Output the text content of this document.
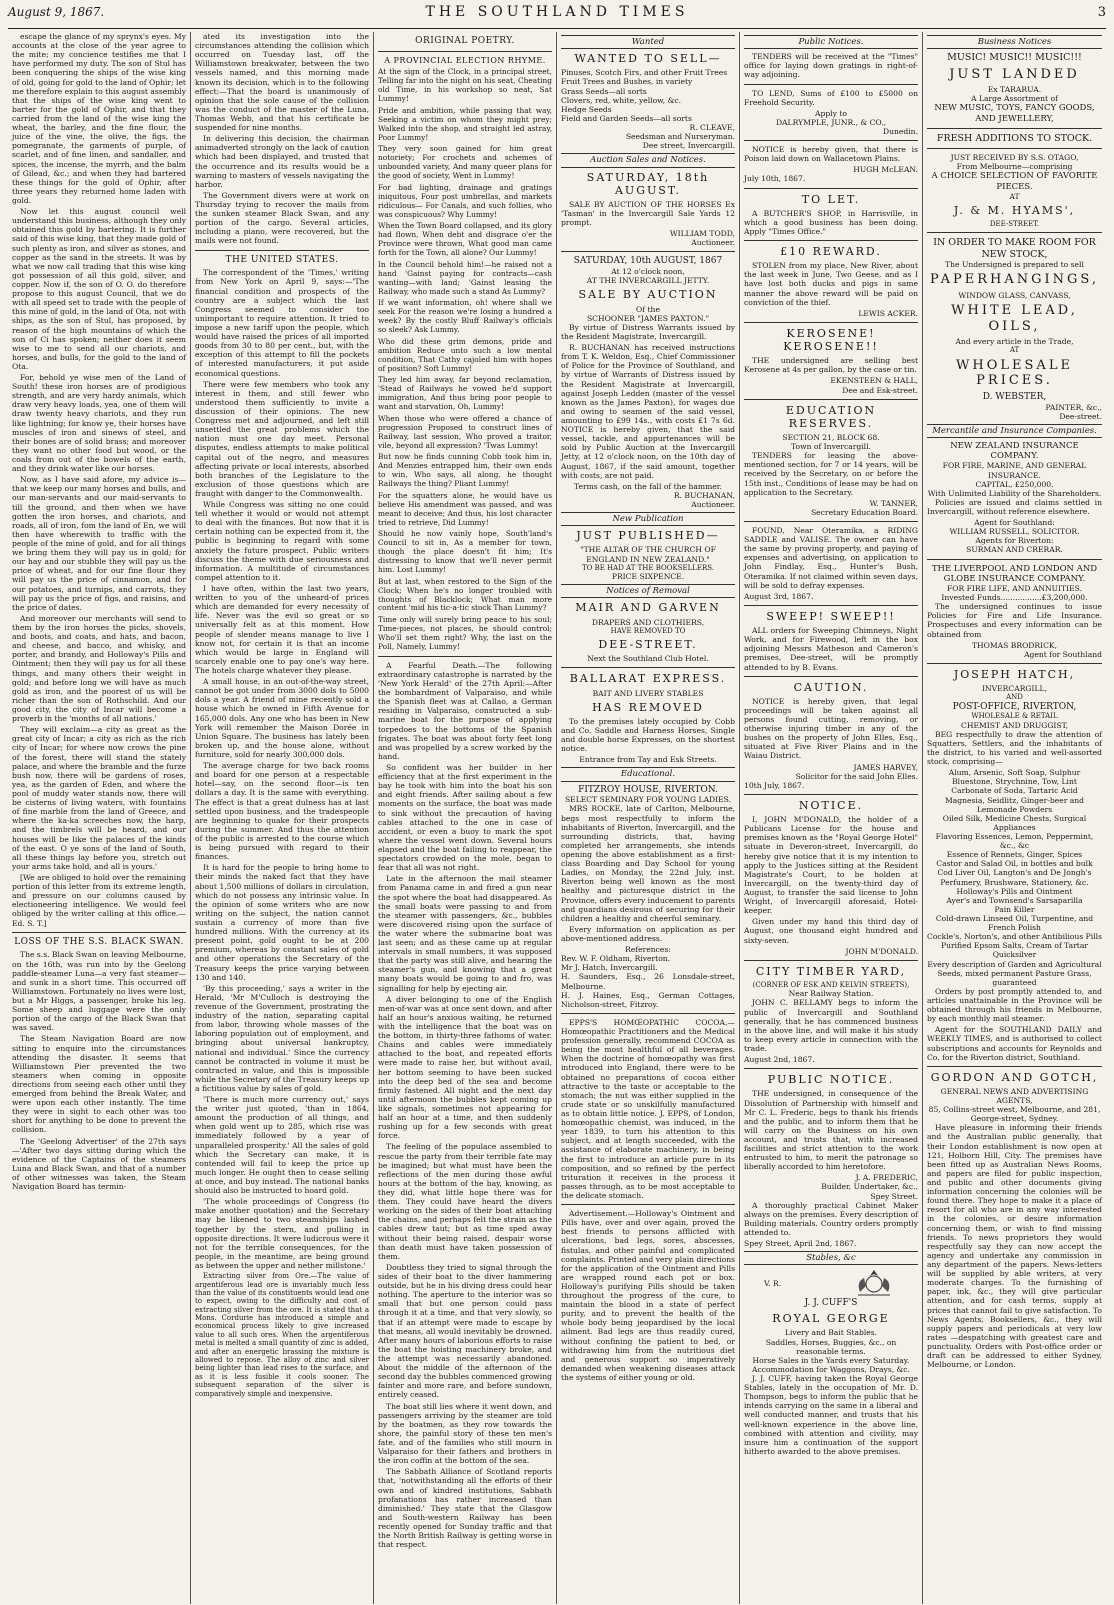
August 9, 1867.	THE SOUTHLAND TIMES	3

escape the glance of my sprynx's eyes. My accounts at the close of the year agree to the mite; my concience testifies me that I have performed my duty. The son of Stul has been conquering the ships of the wise king of old, going for gold to the land of Ophir; let me therefore explain to this august assembly that the ships of the wise king went to barter for the gold of Ophir, and that they carried from the land of the wise king the wheat, the barley, and the fine flour, the juice of the vine, the olive, the figs, the pomegranate, the garments of purple, of scarlet, and of fine linen, and sandaller, and spices, the incense, the myrrh, and the balm of Gilead, &c.; and when they had bartered these things for the gold of Ophir, after three years they returned home laden with gold.

Now let this august council well understand this business, although they only obtained this gold by bartering. It is further said of this wise king, that they made gold of such plenty as iron, and silver as stones, and copper as the sand in the streets. It was by what we now call trading that this wise king got possession of all this gold, silver, and copper. Now if, the son of O. O. do therefore propose to this august Council, that we do with all speed set to trade with the people of this mine of gold, in the land of Ota, not with ships, as the son of Stul, has proposed, by reason of the high mountains of which the son of Ci has spoken; neither does it seem wise to me to send all our chariots, and horses, and bulls, for the gold to the land of Ota.

For, behold ye wise men of the Land of South! these iron horses are of prodigious strength, and are very hardy animals, which draw very heavy loads, yea, one of them will draw twenty heavy chariots, and they run like lightning; for know ye, their horses have muscles of iron and sinews of steel, and their bones are of solid brass; and moreover they want no other food but wood, or the coals from out of the bowels of the earth, and they drink water like our horses.

Now, as I have said afore, my advice is—that we keep our many horses and bulls, and our man-servants and our maid-servants to till the ground, and then when we have gotten the iron horses, and chariots, and roads, all of iron, fom the land of En, we will then have wherewith to traffic with the people of the mine of gold, and for all things we bring them they will pay us in gold; for our hay and our stubble they will pay us the price of wheat, and for our fine flour they will pay us the price of cinnamon, and for our potatoes, and turnips, and carrots, they will pay us the price of figs, and raisins, and the price of dates.

And moreover our merchants will send to them by the iron horses the picks, shovels, and boots, and coats, and hats, and bacon, and cheese, and bacco, and whisky, and porter, and brandy, and Holloway's Pills and Ointment; then they will pay us for all these things, and many others their weight in gold; and before long we will have as much gold as iron, and the poorest of us will be richer than the son of Rothschild. And our good city, the city of Incar will become a proverb in the 'months of all nations.'

They will exclaim—a city as great as the great city of Incar; a city as rich as the rich city of Incar; for where now crows the pine of the forest, there will stand the stately palace, and where the bramble and the furze bush now, there will be gardens of roses, yea, as the garden of Eden, and where the pool of muddy water stands now, there will be cisterns of living waters, with fountains of fine marble from the land of Greece, and where the ka-ka screeches now, the harp, and the timbrels will be heard, and our houses will be like the palaces of the kinds of the east. O ye sons of the land of South, all these things lay before you, stretch out your arms take hold, and all is yours.'

[We are obliged to hold over the remaining portion of this letter from its extreme length, and pressure on our columns caused by electioneering intelligence. We would feel obliged by the writer calling at this office.—Ed. S. T.]

LOSS OF THE S.S. BLACK SWAN.

The s.s. Black Swan on leaving Melbourne, on the 16th, was run into by the Geelong paddle-steamer Luna—a very fast steamer—and sunk in a short time. This occurred off Williamstown. Fortunately no lives were lost, but a Mr Higgs, a passenger, broke his leg. Some sheep and luggage were the only portion of the cargo of the Black Swan that was saved.

The Steam Navigation Board are now sitting to enquire into the circumstances attending the disaster. It seems that Williamstown Pier prevented the two steamers when coming in opposite directions from seeing each other until they emerged from behind the Break Water, and were upon each other instantly. The time they were in sight to each other was too short for anything to be done to prevent the collision.

The 'Geelong Advertiser' of the 27th says—'After two days sitting during which the evidence of the Captains of the steamers Luna and Black Swan, and that of a number of other witnesses was taken, the Steam Navigation Board has termin-

ated its investigation into the circumstances attending the collision which occurred on Tuesday last, off the Williamstown breakwater, between the two vessels named, and this morning made known its decision, which is to the following effect:—That the board is unanimously of opinion that the sole cause of the collision was the conduct of the master of the Luna, Thomas Webb, and that his certificate be suspended for nine months.

In delivering this decision, the chairman animadverted strongly on the lack of caution which had been displayed, and trusted that the occurrence and its results would be a warning to masters of vessels navigating the harbor.

The Government divers were at work on Thursday trying to recover the mails from the sunken steamer Black Swan, and any portion of the cargo. Several articles, including a piano, were recovered, but the mails were not found.

THE UNITED STATES.

The correspondent of the 'Times,' writing from New York on April 9, says:—'The financial condition and prospects of the country are a subject which the last Congress seemed to consider too unimportant to require attention. It tried to impose a new tariff upon the people, which would have raised the prices of all imported goods from 30 to 80 per cent., but, with the exception of this attempt to fill the pockets of interested manufacturers, it put aside economical questions.

There were few members who took any interest in them, and still fewer who understood them sufficiently to invite a discussion of their opinions. The new Congress met and adjourned, and left still unsettled the great problems which the nation must one day meet. Personal disputes, endless attempts to make political capital out of the negro, and measures affecting private or local interests, absorbed both branches of the Legislature to the exclusion of those questions which are fraught with danger to the Commonwealth.

While Congress was sitting no one could tell whether it would or would not attempt to deal with the finances. But now that it is certain nothing can be expected from it, the public is beginning to regard with some anxiety the future prospect. Public writers discuss the theme with due seriousness and information. A multitude of circumstances compel attention to it.

I have often, within the last two years, written to you of the unheard-of prices which are demanded for every necessity of life. Never was the evil so great or so universally felt as at this moment. How people of slender means manage to live I know not, for certain it is that an income which would be large in England will scarcely enable one to pay one's way here. The hotels charge whatever they please.

A small house, in an out-of-the-way street, cannot be got under from 3000 dols to 5000 dols a year. A friend of mine recently sold a house which he owned in Fifth Avenue for 165,000 dols. Any one who has been in New York will remember the Maison Dorée in Union Square. The business has lately been broken up, and the house alone, without furniture, sold for nearly 300,000 dols.

The average charge for two back rooms and board for one person at a respectable hotel—say, on the second floor—is ten dollars a day. It is the same with everything. The effect is that a great dulness has at last settled upon business, and the tradespeople are beginning to quake for their prospects during the summer. And thus the attention of the public is arrested to the course which is being pursued with regard to their finances.

It is hard for the people to bring home to their minds the naked fact that they have about 1,500 millions of dollars in circulation, which do not possess any intrinsic value. In the opinion of some writers who are now writing on the subject, the nation cannot sustain a currency of more than five hundred millions. With the currency at its present point, gold ought to be at 200 premium, whereas by constant sales of gold and other operations the Secretary of the Treasury keeps the price varying between 130 and 140.

'By this proceeding,' says a writer in the Herald, 'Mr M'Culloch is destroying the revenue of the Government, prostrating the industry of the nation, separating capital from labor, throwing whole masses of the laboring population out of employment, and bringing about universal bankruptcy, national and individual.' Since the currency cannot be contracted in volume it must be contracted in value, and this is impossible while the Secretary of the Treasury keeps up a fictitious value by sales of gold.

'There is much more currency out,' says the writer just quoted, 'than in 1864, amount the production of all things, and when gold went up to 285, which rise was immediately followed by a year of unparalleled prosperity.' All the sales of gold which the Secretary can make, it is contended will fail to keep the price up much longer. He ought then to cease selling at once, and buy instead. The national banks should also be instructed to hoard gold.

'The whole proceedings of Congress (to make another quotation) and the Secretary may be likened to two steamships lashed together by the stern, and pulling in opposite directions. It were ludicrous were it not for the terrible consequences, for the people, in the meantime, are being ground as between the upper and nether millstone.'

Extracting silver from Ore.—The value of argentiferous lead ore is invariably much less than the value of its constituents would lead one to expect, owing to the difficulty and cost of extracting silver from the ore. It is stated that a Mons. Cordurie has introduced a simple and economical process likely to give increased value to all such ores. When the argentiferous metal is melted a small quantity of zinc is added, and after an energetic brassing the mixture is allowed to repose. The alloy of zinc and silver being lighter than lead rises to the surface, and as it is less fusible it cools sooner. The subsequent separation of the silver is comparatively simple and inexpensive.

ORIGINAL POETRY.
A PROVINCIAL ELECTION RHYME.

At the sign of the Clock, in a principal street, Telling far into the night on his seat, Cheating old Time, in his workshop so neat, Sat Lummy!

Pride and ambition, while passing that way, Seeking a victim on whom they might prey; Walked into the shop, and straight led astray, Poor Lummy!

They very soon gained for him great notoriety; For crochets and schemes of unbounded variety, And many queer plans for the good of society, Went in Lummy!

For bad lighting, drainage and gratings iniquitous, Four post umbrellas, and markets ridiculous— For Canals, and such follies, who was conspicuous? Why Lummy!

When the Town Board collapsed, and its glory had flown, When debt and disgrace o'er the Province were thrown, What good man came forth for the Town, all alone? Our Lummy!

In the Council behold him!—he raised not a hand 'Gainst paying for contracts—cash wanting—with land; 'Gainst leasing the Railway, who made such a stand As Lummy?

If we want information, oh! where shall we seek For the reason we're losing a hundred a week? By the costly Bluff Railway's officials so sleek? Ask Lummy.

Who did these grim demons, pride and ambition Reduce unto such a low mental condition, That Cathy cajoled him with hopes of position? Soft Lummy!

They led him away, far beyond reclamation, 'Stead of Railways he vowed he'd support immigration, And thus bring poor people to want and starvation, Oh, Lummy!

When those who were offered a chance of progression Proposed to construct lines of Railway, last session, Who proved a traitor, vile, beyond all expression? 'Twas Lummy!

But now he finds cunning Cobb took him in, And Menzies entrapped him, their own ends to win, Who says, all along, he thought Railways the thing? Pliant Lummy!

For the squatters alone, he would have us believe His amendment was passed, and was meant to deceive; And thus, his lost character tried to retrieve, Did Lummy!

Should he now vainly hope, South'land's Council to sit in, As a member for town, though the place doesn't fit him; It's distressing to know that we'll never permit him. Lost Lummy!

But at last, when restored to the Sign of the Clock; When he's no longer troubled with thoughts of Blacklock; What man more content 'mid his tic-a-tic stock Than Lummy?

Time only will surely bring peace to his soul; Time-pieces, not places, he should control; Who'll set them right? Why, the last on the Poll, Namely, Lummy!

A Fearful Death.—The following extraordinary catastrophe is narrated by the 'New York Herald' of the 27th April:—After the bombardment of Valparaiso, and while the Spanish fleet was at Callao, a German residing in Valparaiso, constructed a sub-marine boat for the purpose of applying torpedoes to the bottoms of the Spanish frigates. The boat was about forty feet long and was propelled by a screw worked by the hand.

So confident was her builder in her efficiency that at the first experiment in the bay he took with him into the boat his son and eight friends. After sailing about a few moments on the surface, the boat was made to sink without the precaution of having cables attached to the one in case of accident, or even a buoy to mark the spot where the vessel went down. Several hours elapsed and the boat failing to reappear, the spectators crowded on the mole, began to fear that all was not right.

Late in the afternoon the mail steamer from Panama came in and fired a gun near the spot where the boat had disappeared. As the small boats were passing to and from the steamer with passengers, &c., bubbles were discovered rising upon the surface of the water where the submarine boat was last seen; and as these came up at regular intervals in small numbers, it was supposed that the party was still alive, and hearing the steamer's gun, and knowing that a great many boats would be going to and fro, was signalling for help by ejecting air.

A diver belonging to one of the English men-of-war was at once sent down, and after half an hour's anxious waiting, he returned with the intelligence that the boat was on the bottom, in thirty-three fathoms of water. Chains and cables were immediately attached to the boat, and repeated efforts were made to raise her, but without avail, her bottom seeming to have been sucked into the deep bed of the sea and become firmly fastened. All night and the next day until afternoon the bubbles kept coming up like signals, sometimes not appearing for half an hour at a time, and then suddenly rushing up for a few seconds with great force.

The feeling of the populace assembled to rescue the party from their terrible fate may be imagined; but what must have been the reflections of the men during those awful hours at the bottom of the bay, knowing, as they did, what little hope there was for them. They could have heard the divers working on the sides of their boat attaching the chains, and perhaps felt the strain as the cables drew taut; but as time sped away without their being raised, despair worse than death must have taken possession of them.

Doubtless they tried to signal through the sides of their boat to the diver hammering outside, but he in his diving dress could hear nothing. The aperture to the interior was so small that but one person could pass through it at a time, and that very slowly, so that if an attempt were made to escape by that means, all would inevitably be drowned. After many hours of laborious efforts to raise the boat the hoisting machinery broke, and the attempt was necessarily abandoned. About the middle of the afternoon of the second day the bubbles commenced growing fainter and more rare, and before sundown, entirely ceased.

The boat still lies where it went down, and passengers arriving by the steamer are told by the boatmen, as they row towards the shore, the painful story of these ten men's fate, and of the families who still mourn in Valparaiso for their fathers and brothers in the iron coffin at the bottom of the sea.

The Sabbath Alliance of Scotland reports that, 'notwithstanding all the efforts of their own and of kindred institutions, Sabbath profanations has rather increased than diminished.' They state that the Glasgow and South-western Railway has been recently opened for Sunday traffic and that the North British Railway is getting worse in that respect.

Wanted
WANTED TO SELL—
Pinuses, Scotch Firs, and other Fruit Trees
Fruit Trees and Bushes, in variety
Grass Seeds—all sorts
Clovers, red, white, yellow, &c.
Hedge Seeds
Field and Garden Seeds—all sorts
R. CLEAVE,
Seedsman and Nurseryman.
Dee street, Invercargill.
Auction Sales and Notices.
SATURDAY, 18th AUGUST.

SALE BY AUCTION OF THE HORSES Ex 'Tasman' in the Invercargill Sale Yards 12 prompt.

WILLIAM TODD,
Auctioneer.
SATURDAY, 10th AUGUST, 1867
At 12 o'clock noon,
AT THE INVERCARGILL JETTY.
SALE BY AUCTION
Of the
SCHOONER "JAMES PAXTON."

By virtue of Distress Warrants issued by the Resident Magistrate, Invercargill.

R. BUCHANAN has received instructions from T. K. Weldon, Esq., Chief Commissioner of Police for the Province of Southland, and by virtue of Warrants of Distress issued by the Resident Magistrate at Invercargill, against Joseph Ledden (master of the vessel known as the James Paxton), for wages due and owing to seamen of the said vessel, amounting to £99 14s., with costs £1 7s 6d. NOTICE is hereby given, that the said vessel, tackle, and appurtenances will be sold by Public Auction at the Invercargill Jetty, at 12 o'clock noon, on the 10th day of August, 1867, if the said amount, together with costs, are not paid.

Terms cash, on the fall of the hammer.
R. BUCHANAN,
Auctioneer.
New Publication
JUST PUBLISHED—
"THE ALTAR OF THE CHURCH OF ENGLAND IN NEW ZEALAND."
TO BE HAD AT THE BOOKSELLERS.
PRICE SIXPENCE.
Notices of Removal
MAIR AND GARVEN
DRAPERS AND CLOTHIERS,
HAVE REMOVED TO
DEE-STREET.
Next the Southland Club Hotel.
BALLARAT EXPRESS.
BAIT AND LIVERY STABLES
HAS REMOVED

To the premises lately occupied by Cobb and Co. Saddle and Harness Horses, Single and double horse Expresses, on the shortest notice.

Entrance from Tay and Esk Streets.
Educational.
FITZROY HOUSE, RIVERTON.
SELECT SEMINARY FOR YOUNG LADIES.

MRS ROCKE, late of Carlton, Melbourne, begs most respectfully to inform the inhabitants of Riverton, Invercargill, and the surrounding districts, that, having completed her arrangements, she intends opening the above establishment as a first-class Boarding and Day School for young Ladies, on Monday, the 22nd July, inst. Riverton being well known as the most healthy and picturesque district in the Province, offers every inducement to parents and guardians desirous of securing for their children a healthy and cheerful seminary.

Every information on application as per above-mentioned address.

References:
Rev. W. F. Oldham, Riverton.
Mr J. Hatch, Invercargill.
H. Saunders, Esq., 26 Lonsdale-street, Melbourne.
H. J. Haines, Esq., German Cottages, Nicholson-street, Fitzroy.

EPPS'S HOMŒOPATHIC COCOA.—Homœopathic Practitioners and the Medical profession generally, recommend COCOA as being the most healthful of all beverages. When the doctrine of homœopathy was first introduced into England, there were to be obtained no preparations of cocoa either attractive to the taste or acceptable to the stomach; the nut was either supplied in the crude state or so unskilfully manufactured as to obtain little notice. J. EPPS, of London, homœopathic chemist, was induced, in the year 1839, to turn his attention to this subject, and at length succeeded, with the assistance of elaborate machinery, in being the first to introduce an article pure in its composition, and so refined by the perfect trituration it receives in the process it passes through, as to be most acceptable to the delicate stomach.

Advertisement.—Holloway's Ointment and Pills have, over and over again, proved the best friends to persons afflicted with ulcerations, bad legs, sores, abscesses, fistulas, and other painful and complicated complaints. Printed and very plain directions for the application of the Ointment and Pills are wrapped round each pot or box. Holloway's purifying Pills should be taken throughout the progress of the cure, to maintain the blood in a state of perfect purity, and to prevent the health of the whole body being jeopardised by the local ailment. Bad legs are thus readily cured, without confining the patient to bed, or withdrawing him from the nutritious diet and generous support so imperatively demanded when weakening diseases attack the systems of either young or old.

Public Notices.

TENDERS will be received at the "Times" office for laying down gratings in right-of-way adjoining.

TO LEND, Sums of £100 to £5000 on Freehold Security.

Apply to
DALRYMPLE, JUNR., & CO.,
Dunedin.

NOTICE is hereby given, that there is Poison laid down on Wallacetown Plains.

HUGH McLEAN.
July 10th, 1867.
TO LET.

A BUTCHER'S SHOP, in Harrisville, in which a good business has been doing. Apply "Times Office."

£10 REWARD.

STOLEN from my place, New River, about the last week in June, Two Geese, and as I have lost both ducks and pigs in same manner the above reward will be paid on conviction of the thief.

LEWIS ACKER.
KEROSENE! KEROSENE!!

THE undersigned are selling best Kerosene at 4s per gallon, by the case or tin.

EKENSTEEN & HALL,
Dee and Esk-street.
EDUCATION RESERVES.
SECTION 21, BLOCK 68.
Town of Invercargill.

TENDERS for leasing the above-mentioned section, for 7 or 14 years, will be received by the Secretary, on or before the 15th inst., Conditions of lease may be had on application to the Secretary.

W. TANNER,
Secretary Education Board.

FOUND, Near Oteramika, a RIDING SADDLE and VALISE. The owner can have the same by proving property, and paying of expenses and advertising, on application to John Findlay, Esq., Hunter's Bush, Oteramika. If not claimed within seven days, will be sold to defray expenses.

August 3rd, 1867.
SWEEP! SWEEP!!

ALL orders for Sweeping Chimneys, Night Work, and for Firewood, left in the box adjoining Messrs Matheson and Cameron's premises, Dee-street, will be promptly attended to by B. Evans.

CAUTION.

NOTICE is hereby given, that legal proceedings will be taken against all persons found cutting, removing, or otherwise injuring timber in any of the bushes on the property of John Elles, Esq., situated at Five River Plains and in the Waiau District.

JAMES HARVEY,
Solicitor for the said John Elles.
10th July, 1867.
NOTICE.

I, JOHN M'DONALD, the holder of a Publicans License for the house and premises known as the "Royal George Hotel" situate in Deveron-street, Invercargill, do hereby give notice that it is my intention to apply to the Justices sitting at the Resident Magistrate's Court, to be holden at Invercargill, on the twenty-third day of August, to transfer the said license to John Wright, of Invercargill aforesaid, Hotel-keeper.

Given under my hand this third day of August, one thousand eight hundred and sixty-seven.

JOHN M'DONALD.
CITY TIMBER YARD,
(CORNER OF ESK AND KELVIN STREETS),
Near Railway Station.

JOHN C. BELLAMY begs to inform the public of Invercargill and Southland generally, that he has commenced business in the above line, and will make it his study to keep every article in connection with the trade.

August 2nd, 1867.
PUBLIC NOTICE.

THE undersigned, in consequence of the Dissolution of Partnership with himself and Mr C. L. Frederic, begs to thank his friends and the public, and to inform them that he will carry on the Business on his own account, and trusts that, with increased facilities and strict attention to the work entrusted to him, to merit the patronage so liberally accorded to him heretofore.

J. A. FREDERIC,
Builder, Undertaker, &c.,
Spey Street.

A thoroughly practical Cabinet Maker always on the premises. Every description of Building materials. Country orders promptly attended to.

Spey Street, April 2nd, 1867.
Stables, &c
V. R.
J. J. CUFF'S
ROYAL GEORGE
Livery and Bait Stables.
Saddles, Horses, Buggies, &c., on reasonable terms.
Horse Sales in the Yards every Saturday.
Accommodation for Waggons, Drays, &c.

J. J. CUFF, having taken the Royal George Stables, lately in the occupation of Mr. D. Thompson, begs to inform the public that he intends carrying on the same in a liberal and well conducted manner, and trusts that his well-known experience in the above line, combined with attention and civility, may insure him a continuation of the support hitherto awarded to the above premises.

Business Notices
MUSIC! MUSIC!! MUSIC!!!
JUST LANDED
Ex TARARUA.
A Large Assortment of
NEW MUSIC, TOYS, FANCY GOODS, AND JEWELLERY,
FRESH ADDITIONS TO STOCK.
JUST RECEIVED BY S.S. OTAGO,
From Melbourne—comprising
A CHOICE SELECTION OF FAVORITE PIECES.
AT
J. & M. HYAMS',
DEE-STREET.
IN ORDER TO MAKE ROOM FOR NEW STOCK,
The Undersigned is prepared to sell
PAPERHANGINGS,
WINDOW GLASS, CANVASS,
WHITE LEAD, OILS,
And every article in the Trade,
AT
WHOLESALE PRICES.
D. WEBSTER,
PAINTER, &c.,
Dee-street.
Mercantile and Insurance Companies.
NEW ZEALAND INSURANCE COMPANY.
FOR FIRE, MARINE, AND GENERAL INSURANCE.
CAPITAL, £250,000.
With Unlimited Liability of the Shareholders.

Policies are issued and claims settled in Invercargill, without reference elsewhere.

Agent for Southland:
WILLIAM RUSSELL, SOLICITOR.
Agents for Riverton:
SURMAN AND CRERAR.
THE LIVERPOOL AND LONDON AND GLOBE INSURANCE COMPANY.
FOR FIRE LIFE, AND ANNUITIES.
Invested Funds.................£3,200,000.

The undersigned continues to issue Policies for Fire and Life Insurance. Prospectuses and every information can be obtained from

THOMAS BRODRICK,
Agent for Southland
JOSEPH HATCH,
INVERCARGILL,
AND
POST-OFFICE, RIVERTON,
WHOLESALE & RETAIL
CHEMIST AND DRUGGIST,

BEG respectfully to draw the attention of Squatters, Settlers, and the inhabitants of the district, to his varied and well-assorted stock, comprising—

Alum, Arsenic, Soft Soap, Sulphur
Bluestone, Strychnine, Tow, Lint
Carbonate of Soda, Tartaric Acid
Magnesia, Seidlitz, Ginger-beer and Lemonade Powders
Oiled Silk, Medicine Chests, Surgical Appliances
Flavoring Essences, Lemon, Peppermint, &c., &c
Essence of Rennets, Ginger, Spices
Castor and Salad Oil, in bottles and bulk
Cod Liver Oil, Langton's and De Jongh's
Perfumery, Brushware, Stationery, &c.
Holloway's Pills and Ointment
Ayer's and Townsend's Sarsaparilla
Pain Killer
Cold-drawn Linseed Oil, Turpentine, and French Polish
Cockle's, Norton's, and other Antibilious Pills
Purified Epsom Salts, Cream of Tartar
Quicksilver
Every description of Garden and Agricultural Seeds, mixed permanent Pasture Grass, guaranteed

Orders by post promptly attended to, and articles unattainable in the Province will be obtained through his friends in Melbourne, by each monthly mail steamer.

Agent for the SOUTHLAND DAILY and WEEKLY TIMES, and is authorised to collect subscriptions and accounts for Reynolds and Co. for the Riverton district, Southland.

GORDON AND GOTCH,
GENERAL NEWS AND ADVERTISING AGENTS,
85, Collins-street west, Melbourne, and 281, George-street, Sydney.

Have pleasure in informing their friends and the Australian public generally, that their London establishment is now open at 121, Holborn Hill, City. The premises have been fitted up as Australian News Rooms, and papers are filed for public inspection, and public and other documents giving information concerning the colonies will be found there. They hope to make it a place of resort for all who are in any way interested in the colonies, or desire information concerning them, or wish to find missing friends. To news proprietors they would respectfully say they can now accept the agency and undertake any commission in any department of the papers. News-letters will be supplied by able writers, at very moderate charges. To the furnishing of paper, ink, &c., they will give particular attention, and for cash terms, supply at prices that cannot fail to give satisfaction. To News Agents, Booksellers, &c., they will supply papers and periodicals at very low rates —despatching with greatest care and punctuality. Orders with Post-office order or draft can be addressed to either Sydney, Melbourne, or London.
